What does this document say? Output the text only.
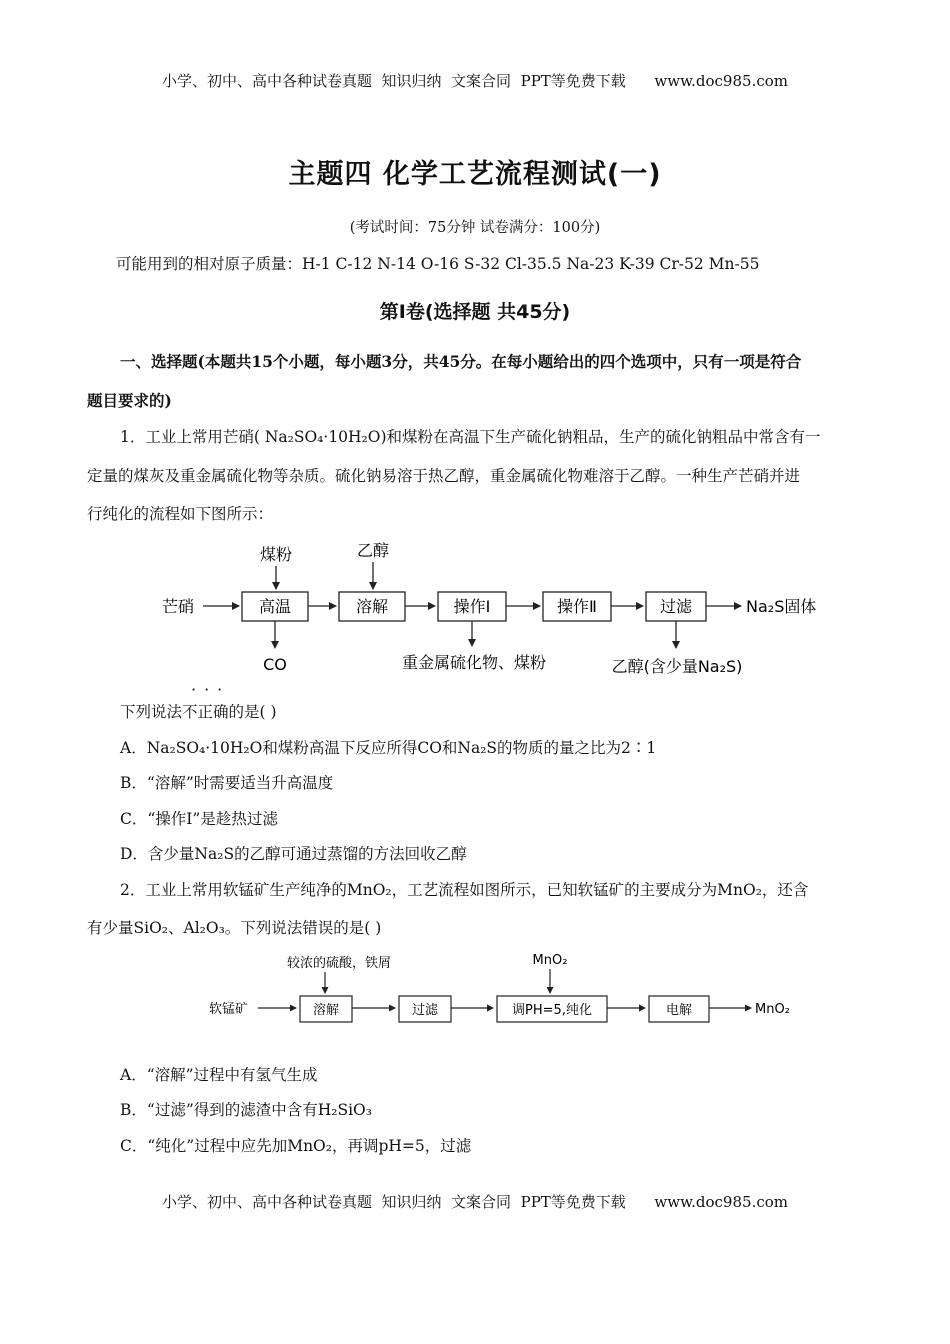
小学、初中、高中各种试卷真题  知识归纳  文案合同  PPT等免费下载      www.doc985.com
主题四 化学工艺流程测试(一)
(考试时间：75分钟 试卷满分：100分)
可能用到的相对原子质量：H-1 C-12 N-14 O-16 S-32 Cl-35.5 Na-23 K-39 Cr-52 Mn-55
第Ⅰ卷(选择题 共45分)
一、选择题(本题共15个小题，每小题3分，共45分。在每小题给出的四个选项中，只有一项是符合
题目要求的)
1．工业上常用芒硝( Na₂SO₄·10H₂O)和煤粉在高温下生产硫化钠粗品，生产的硫化钠粗品中常含有一
定量的煤灰及重金属硫化物等杂质。硫化钠易溶于热乙醇，重金属硫化物难溶于乙醇。一种生产芒硝并进
行纯化的流程如下图所示：
芒硝	高温	溶解	操作Ⅰ	操作Ⅱ	过滤	Na₂S固体
煤粉	乙醇
CO	重金属硫化物、煤粉	乙醇(含少量Na₂S)
···
下列说法不正确的是( )
A．Na₂SO₄·10H₂O和煤粉高温下反应所得CO和Na₂S的物质的量之比为2∶1
B．“溶解”时需要适当升高温度
C．“操作Ⅰ”是趁热过滤
D．含少量Na₂S的乙醇可通过蒸馏的方法回收乙醇
2．工业上常用软锰矿生产纯净的MnO₂，工艺流程如图所示，已知软锰矿的主要成分为MnO₂，还含
有少量SiO₂、Al₂O₃。下列说法错误的是( )
软锰矿	溶解	过滤	调PH=5,纯化	电解	MnO₂
较浓的硫酸，铁屑	MnO₂
A．“溶解”过程中有氢气生成
B．“过滤”得到的滤渣中含有H₂SiO₃
C．“纯化”过程中应先加MnO₂，再调pH=5，过滤
小学、初中、高中各种试卷真题  知识归纳  文案合同  PPT等免费下载      www.doc985.com
